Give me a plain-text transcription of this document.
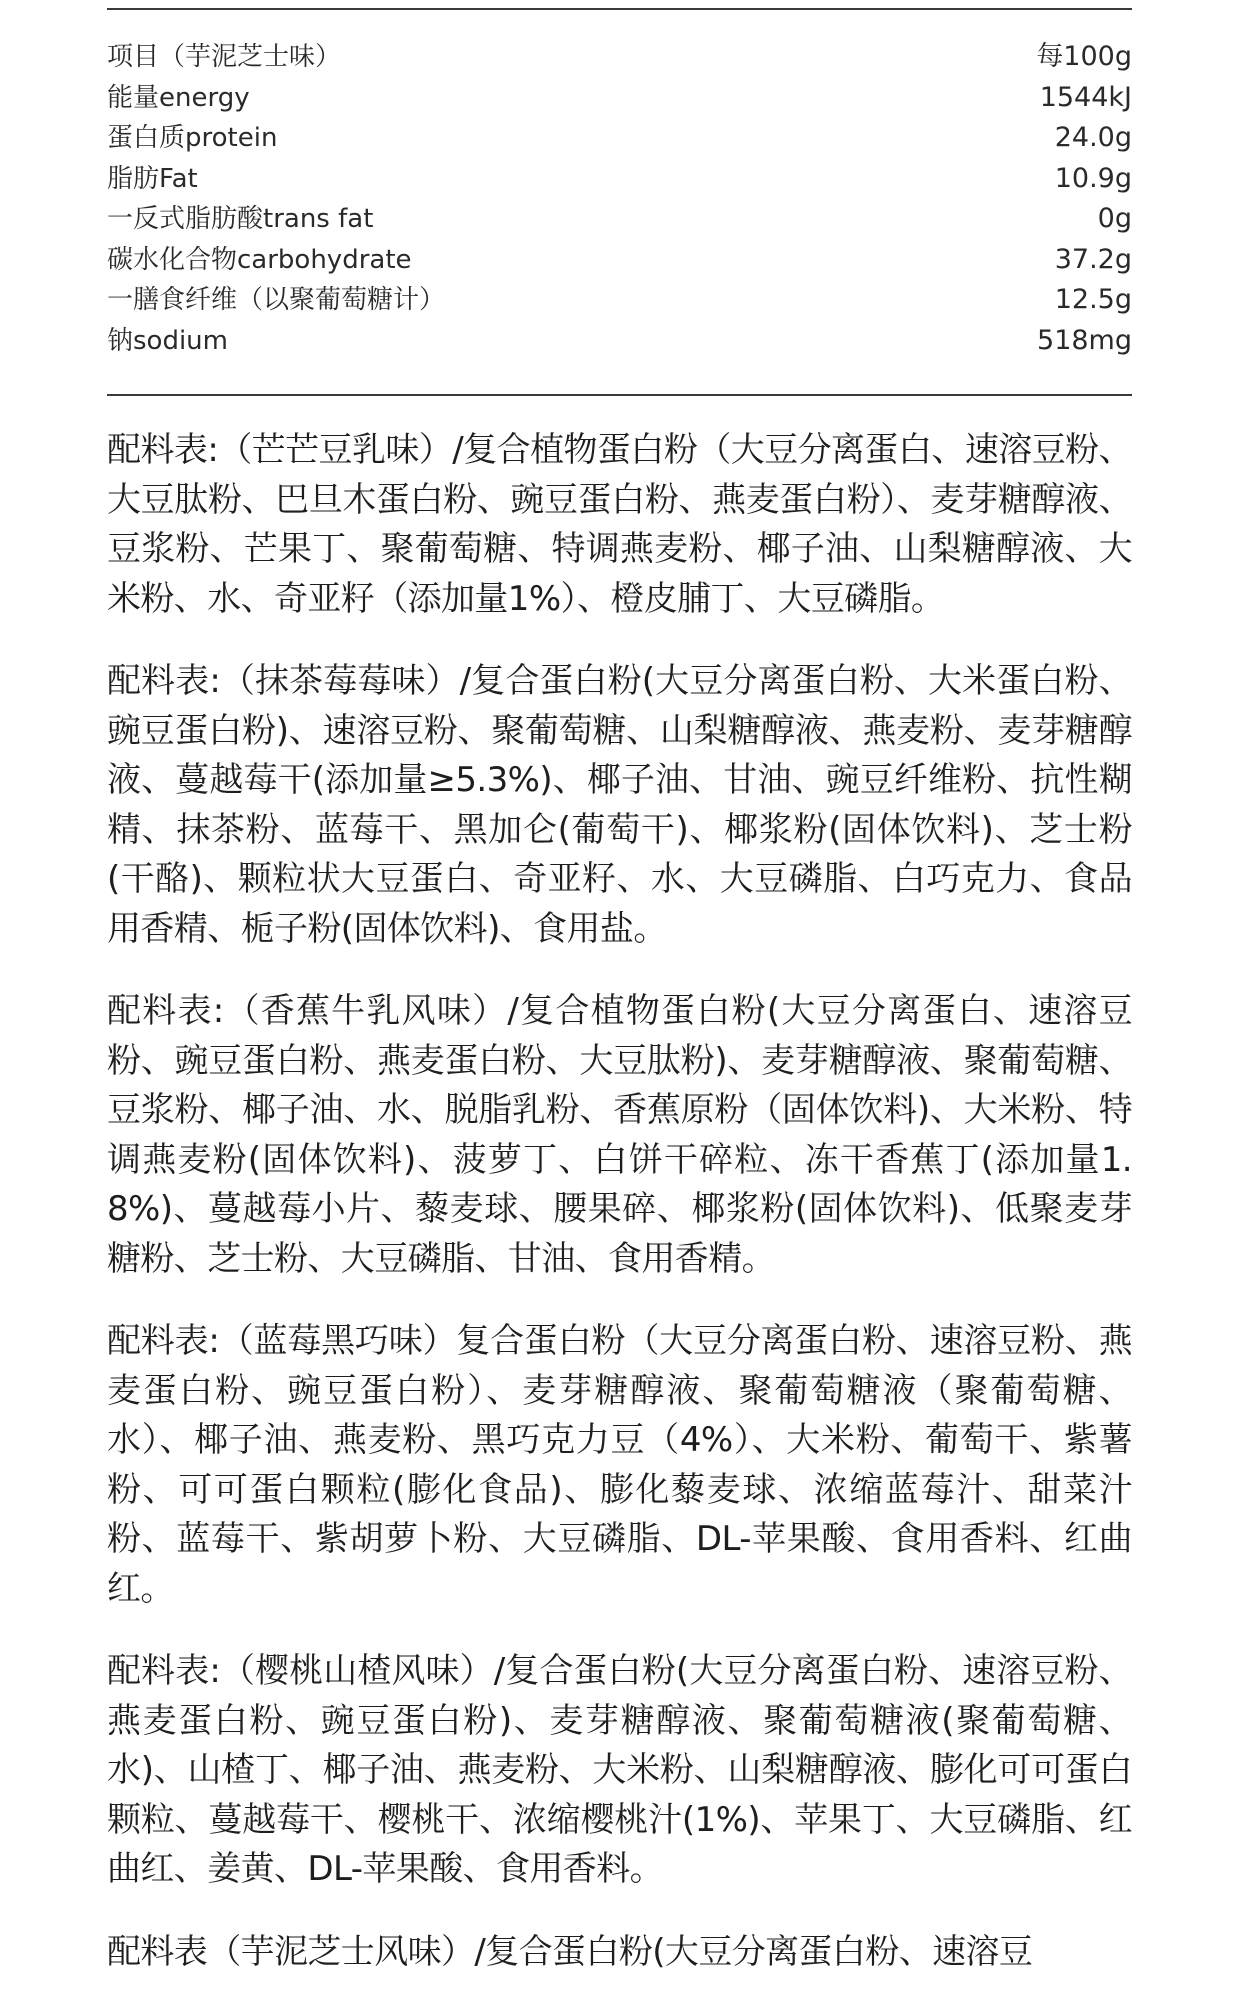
项目（芋泥芝士味）	每100g
能量energy	1544kJ
蛋白质protein	24.0g
脂肪Fat	10.9g
一反式脂肪酸trans fat	0g
碳水化合物carbohydrate	37.2g
一膳食纤维（以聚葡萄糖计）	12.5g
钠sodium	518mg

配料表:（芒芒豆乳味）/复合植物蛋白粉（大豆分离蛋白、速溶豆粉、大豆肽粉、巴旦木蛋白粉、豌豆蛋白粉、燕麦蛋白粉）、麦芽糖醇液、豆浆粉、芒果丁、聚葡萄糖、特调燕麦粉、椰子油、山梨糖醇液、大米粉、水、奇亚籽（添加量1%）、橙皮脯丁、大豆磷脂。

配料表:（抹茶莓莓味）/复合蛋白粉(大豆分离蛋白粉、大米蛋白粉、豌豆蛋白粉)、速溶豆粉、聚葡萄糖、山梨糖醇液、燕麦粉、麦芽糖醇液、蔓越莓干(添加量≥5.3%)、椰子油、甘油、豌豆纤维粉、抗性糊精、抹茶粉、蓝莓干、黑加仑(葡萄干)、椰浆粉(固体饮料)、芝士粉(干酪)、颗粒状大豆蛋白、奇亚籽、水、大豆磷脂、白巧克力、食品用香精、栀子粉(固体饮料)、食用盐。

配料表:（香蕉牛乳风味）/复合植物蛋白粉(大豆分离蛋白、速溶豆粉、豌豆蛋白粉、燕麦蛋白粉、大豆肽粉)、麦芽糖醇液、聚葡萄糖、豆浆粉、椰子油、水、脱脂乳粉、香蕉原粉（固体饮料)、大米粉、特调燕麦粉(固体饮料)、菠萝丁、白饼干碎粒、冻干香蕉丁(添加量1.8%)、蔓越莓小片、藜麦球、腰果碎、椰浆粉(固体饮料)、低聚麦芽糖粉、芝士粉、大豆磷脂、甘油、食用香精。

配料表:（蓝莓黑巧味）复合蛋白粉（大豆分离蛋白粉、速溶豆粉、燕麦蛋白粉、豌豆蛋白粉）、麦芽糖醇液、聚葡萄糖液（聚葡萄糖、水）、椰子油、燕麦粉、黑巧克力豆（4%）、大米粉、葡萄干、紫薯粉、可可蛋白颗粒(膨化食品)、膨化藜麦球、浓缩蓝莓汁、甜菜汁粉、蓝莓干、紫胡萝卜粉、大豆磷脂、DL-苹果酸、食用香料、红曲红。

配料表:（樱桃山楂风味）/复合蛋白粉(大豆分离蛋白粉、速溶豆粉、燕麦蛋白粉、豌豆蛋白粉)、麦芽糖醇液、聚葡萄糖液(聚葡萄糖、水)、山楂丁、椰子油、燕麦粉、大米粉、山梨糖醇液、膨化可可蛋白颗粒、蔓越莓干、樱桃干、浓缩樱桃汁(1%)、苹果丁、大豆磷脂、红曲红、姜黄、DL-苹果酸、食用香料。

配料表（芋泥芝士风味）/复合蛋白粉(大豆分离蛋白粉、速溶豆
